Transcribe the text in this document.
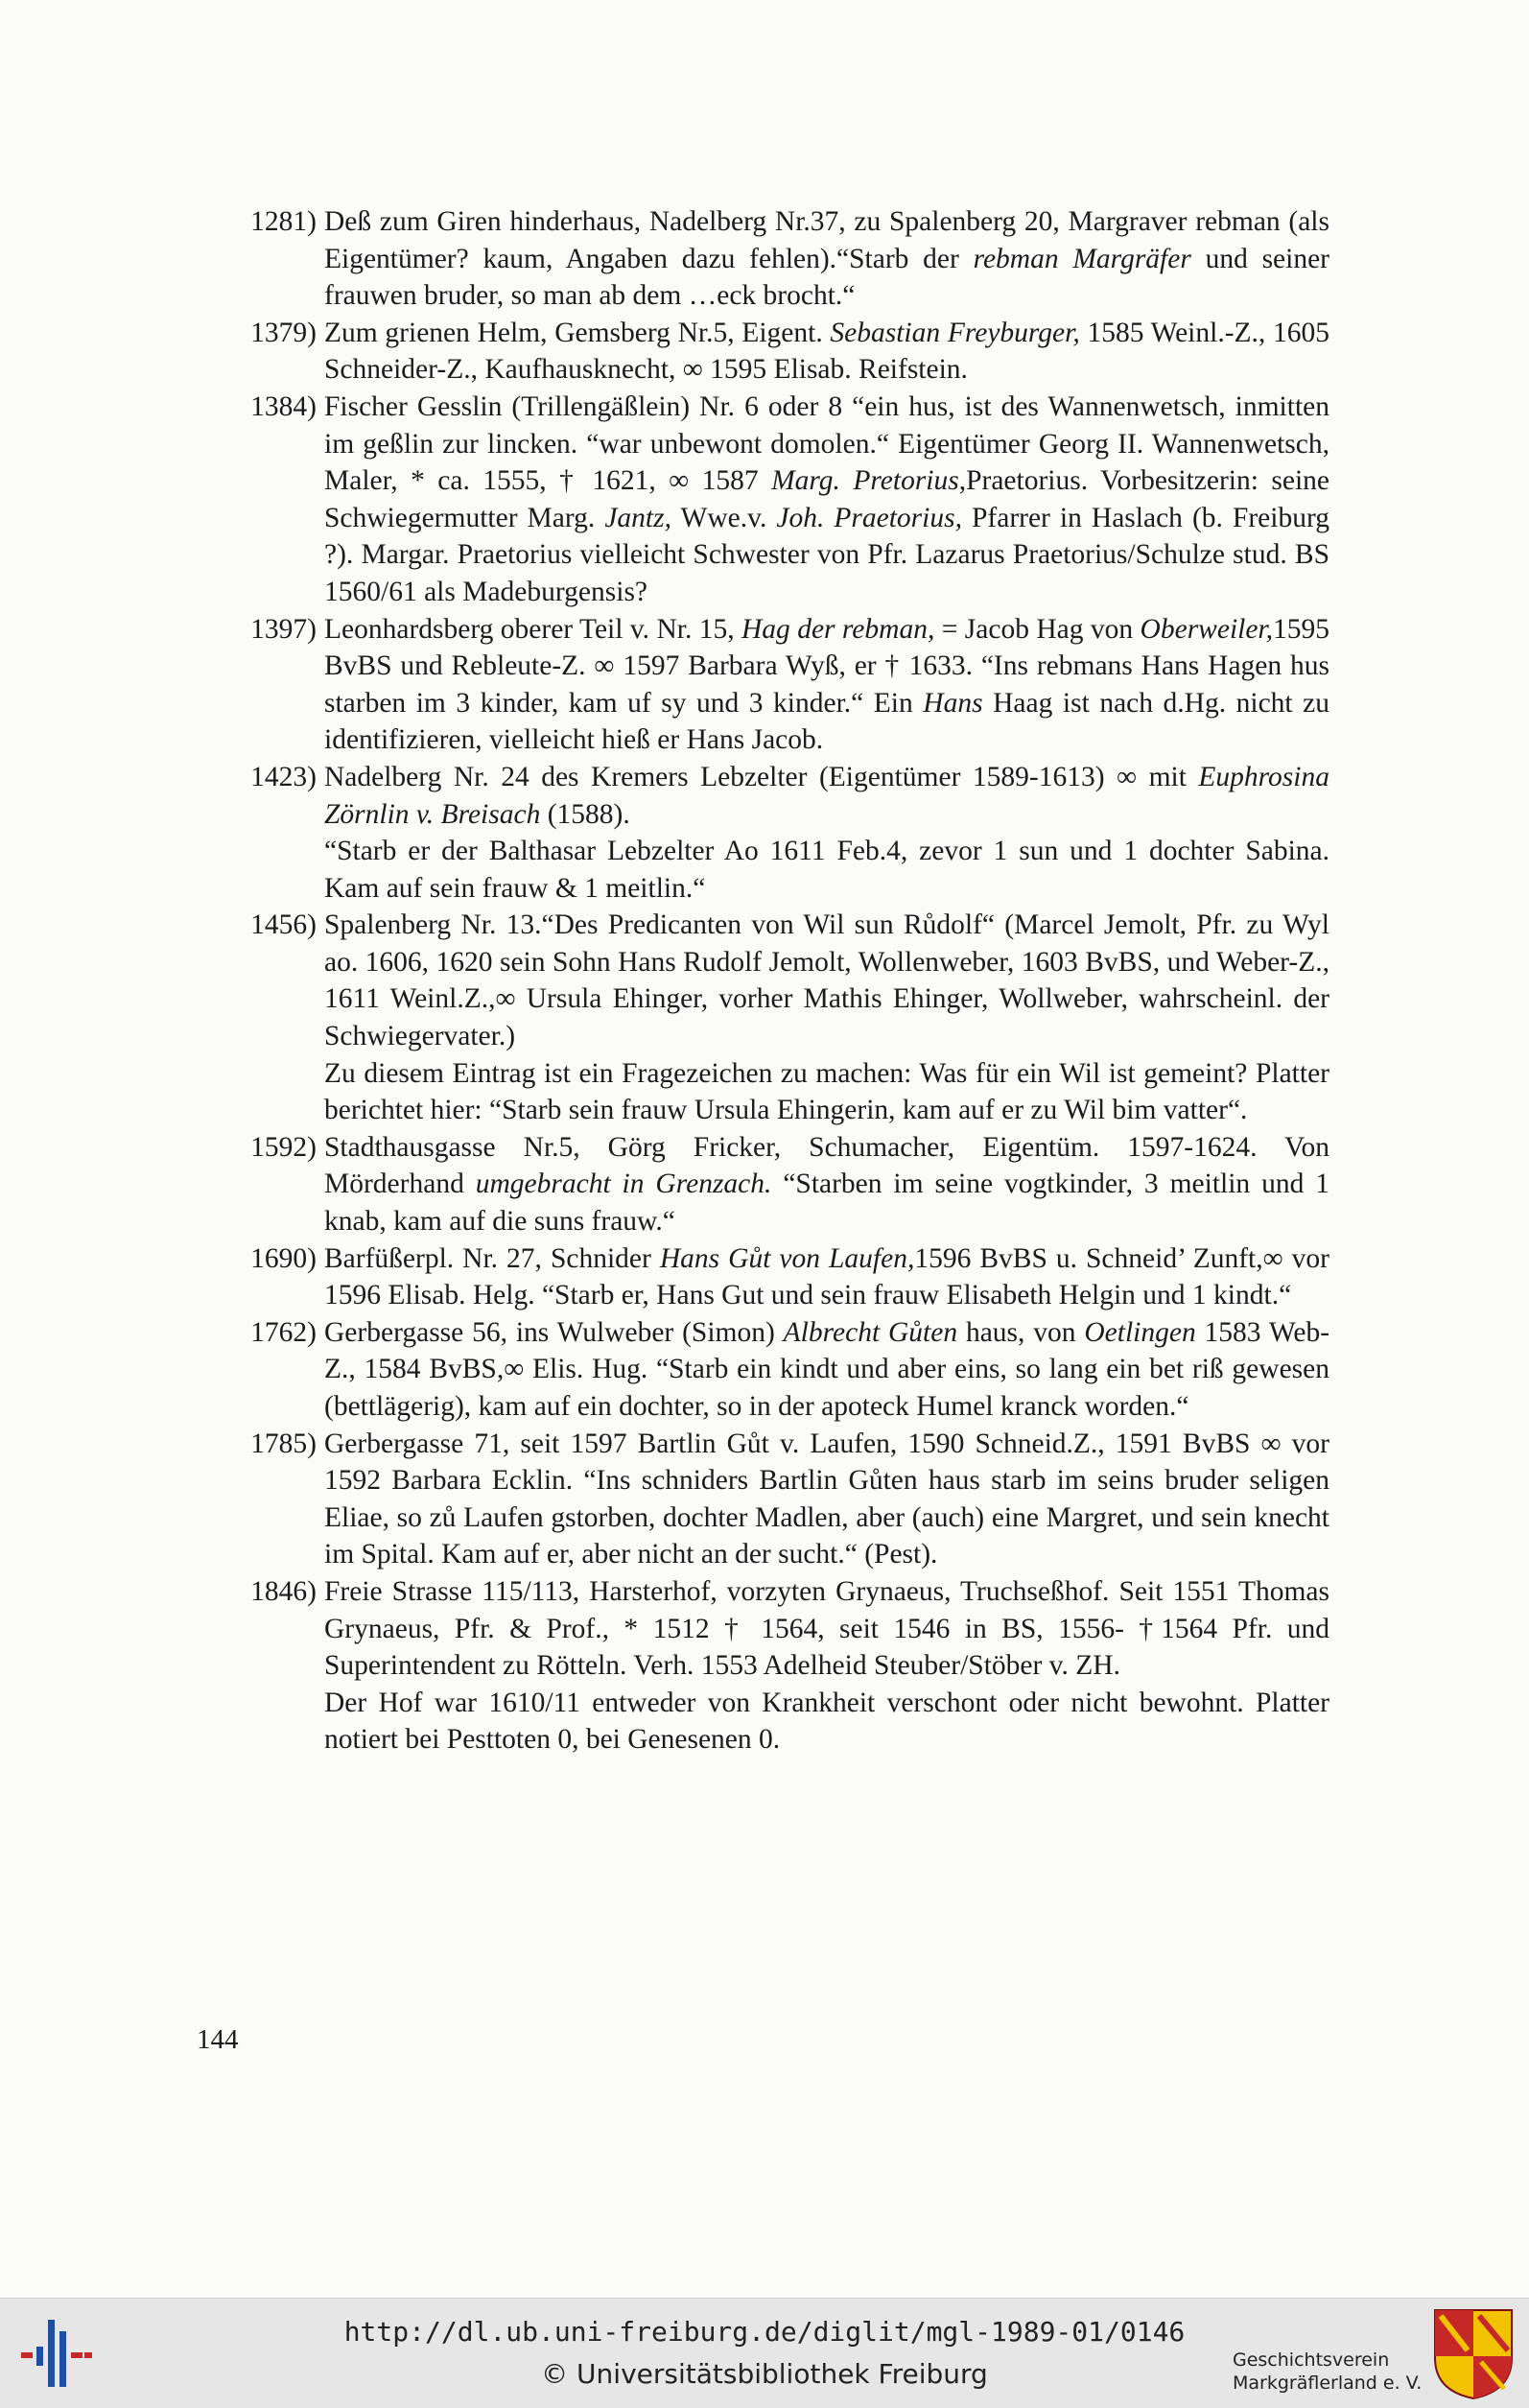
1281) Deß zum Giren hinderhaus, Nadelberg Nr.37, zu Spalenberg 20, Margraver rebman (als Eigentümer? kaum, Angaben dazu fehlen).“Starb der rebman Margräfer und seiner frauwen bruder, so man ab dem …eck brocht.“

1379) Zum grienen Helm, Gemsberg Nr.5, Eigent. Sebastian Freyburger, 1585 Weinl.-Z., 1605 Schneider-Z., Kaufhausknecht, ∞ 1595 Elisab. Reifstein.

1384) Fischer Gesslin (Trillengäßlein) Nr. 6 oder 8 “ein hus, ist des Wannenwetsch, inmitten im geßlin zur lincken. “war unbewont domolen.“ Eigentümer Georg II. Wannenwetsch, Maler, * ca. 1555, † 1621, ∞ 1587 Marg. Pretorius,Praetorius. Vorbesitzerin: seine Schwiegermutter Marg. Jantz, Wwe.v. Joh. Praetorius, Pfarrer in Haslach (b. Freiburg ?). Margar. Praetorius vielleicht Schwester von Pfr. Lazarus Praetorius/Schulze stud. BS 1560/61 als Madeburgensis?

1397) Leonhardsberg oberer Teil v. Nr. 15, Hag der rebman, = Jacob Hag von Oberweiler,1595 BvBS und Rebleute-Z. ∞ 1597 Barbara Wyß, er † 1633. “Ins rebmans Hans Hagen hus starben im 3 kinder, kam uf sy und 3 kinder.“ Ein Hans Haag ist nach d.Hg. nicht zu identifizieren, vielleicht hieß er Hans Jacob.

1423) Nadelberg Nr. 24 des Kremers Lebzelter (Eigentümer 1589-1613) ∞ mit Euphrosina Zörnlin v. Breisach (1588).

“Starb er der Balthasar Lebzelter Ao 1611 Feb.4, zevor 1 sun und 1 dochter Sabina. Kam auf sein frauw & 1 meitlin.“

1456) Spalenberg Nr. 13.“Des Predicanten von Wil sun Růdolf“ (Marcel Jemolt, Pfr. zu Wyl ao. 1606, 1620 sein Sohn Hans Rudolf Jemolt, Wollenweber, 1603 BvBS, und Weber-Z., 1611 Weinl.Z.,∞ Ursula Ehinger, vorher Mathis Ehinger, Wollweber, wahrscheinl. der Schwiegervater.)

Zu diesem Eintrag ist ein Fragezeichen zu machen: Was für ein Wil ist gemeint? Platter berichtet hier: “Starb sein frauw Ursula Ehingerin, kam auf er zu Wil bim vatter“.

1592) Stadthausgasse Nr.5, Görg Fricker, Schumacher, Eigentüm. 1597-1624. Von Mörderhand umgebracht in Grenzach. “Starben im seine vogtkinder, 3 meitlin und 1 knab, kam auf die suns frauw.“

1690) Barfüßerpl. Nr. 27, Schnider Hans Gůt von Laufen,1596 BvBS u. Schneid’ Zunft,∞ vor 1596 Elisab. Helg. “Starb er, Hans Gut und sein frauw Elisabeth Helgin und 1 kindt.“

1762) Gerbergasse 56, ins Wulweber (Simon) Albrecht Gůten haus, von Oetlingen 1583 Web-Z., 1584 BvBS,∞ Elis. Hug. “Starb ein kindt und aber eins, so lang ein bet riß gewesen (bettlägerig), kam auf ein dochter, so in der apoteck Humel kranck worden.“

1785) Gerbergasse 71, seit 1597 Bartlin Gůt v. Laufen, 1590 Schneid.Z., 1591 BvBS ∞ vor 1592 Barbara Ecklin. “Ins schniders Bartlin Gůten haus starb im seins bruder seligen Eliae, so zů Laufen gstorben, dochter Madlen, aber (auch) eine Margret, und sein knecht im Spital. Kam auf er, aber nicht an der sucht.“ (Pest).

1846) Freie Strasse 115/113, Harsterhof, vorzyten Grynaeus, Truchseßhof. Seit 1551 Thomas Grynaeus, Pfr. & Prof., * 1512 † 1564, seit 1546 in BS, 1556- †1564 Pfr. und Superintendent zu Rötteln. Verh. 1553 Adelheid Steuber/Stöber v. ZH.

Der Hof war 1610/11 entweder von Krankheit verschont oder nicht bewohnt. Platter notiert bei Pesttoten 0, bei Genesenen 0.

144
http://dl.ub.uni-freiburg.de/diglit/mgl-1989-01/0146
© Universitätsbibliothek Freiburg	Geschichtsverein
Markgräflerland e. V.
